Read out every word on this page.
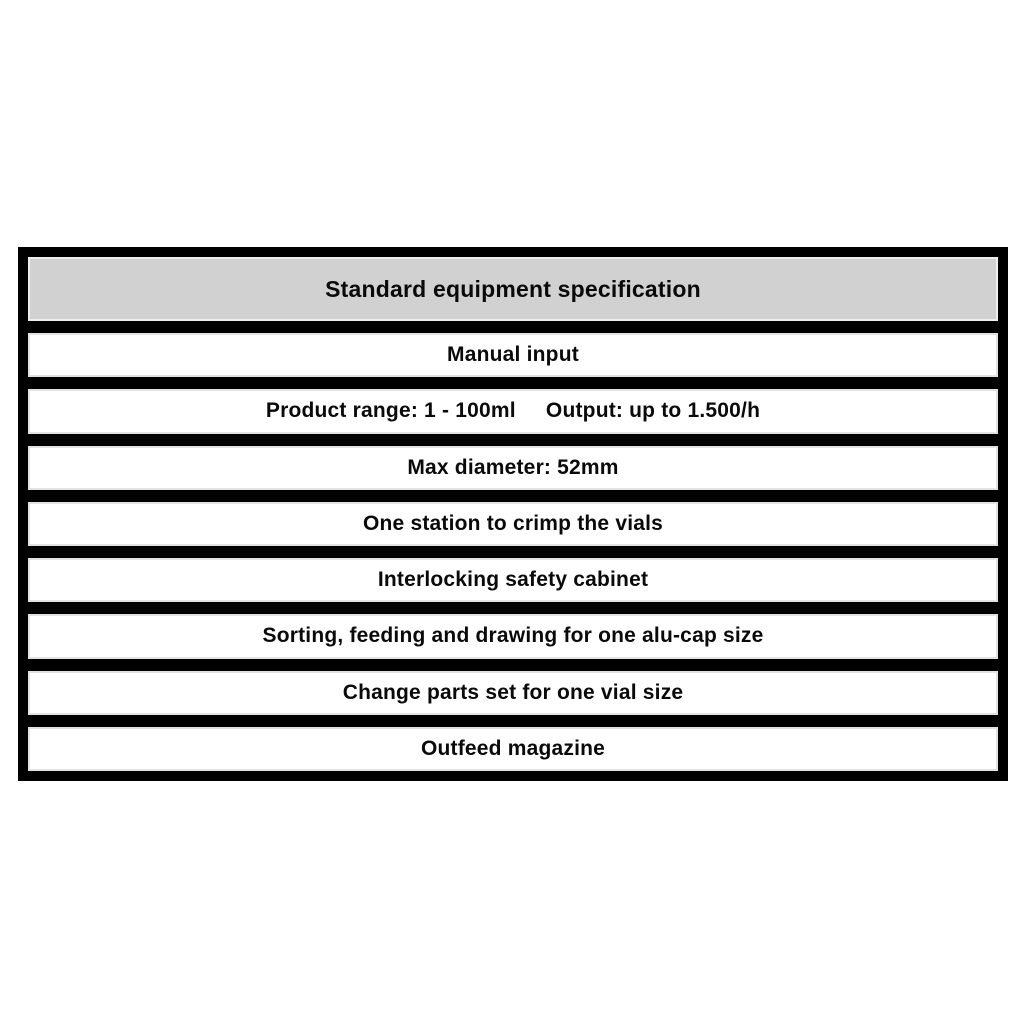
Standard equipment specification
Manual input
Product range: 1 - 100ml     Output: up to 1.500/h
Max diameter: 52mm
One station to crimp the vials
Interlocking safety cabinet
Sorting, feeding and drawing for one alu-cap size
Change parts set for one vial size
Outfeed magazine
